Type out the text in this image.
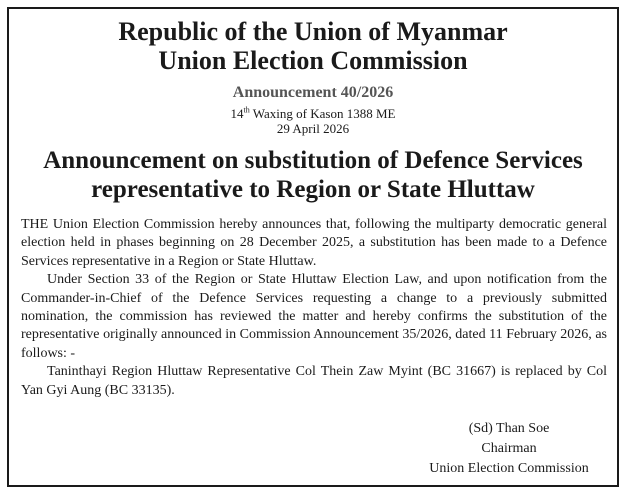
Republic of the Union of Myanmar
Union Election Commission
Announcement 40/2026
14th Waxing of Kason 1388 ME
29 April 2026
Announcement on substitution of Defence Services
representative to Region or State Hluttaw

THE Union Election Commission hereby announces that, following the multiparty democratic general election held in phases beginning on 28 December 2025, a substitution has been made to a Defence Services representative in a Region or State Hluttaw.

Under Section 33 of the Region or State Hluttaw Election Law, and upon notification from the Commander-in-Chief of the Defence Services requesting a change to a previously submitted nomination, the commission has reviewed the matter and hereby confirms the substitution of the representative originally announced in Commission Announcement 35/2026, dated 11 February 2026, as follows: -

Taninthayi Region Hluttaw Representative Col Thein Zaw Myint (BC 31667) is replaced by Col Yan Gyi Aung (BC 33135).

(Sd) Than Soe
Chairman
Union Election Commission
